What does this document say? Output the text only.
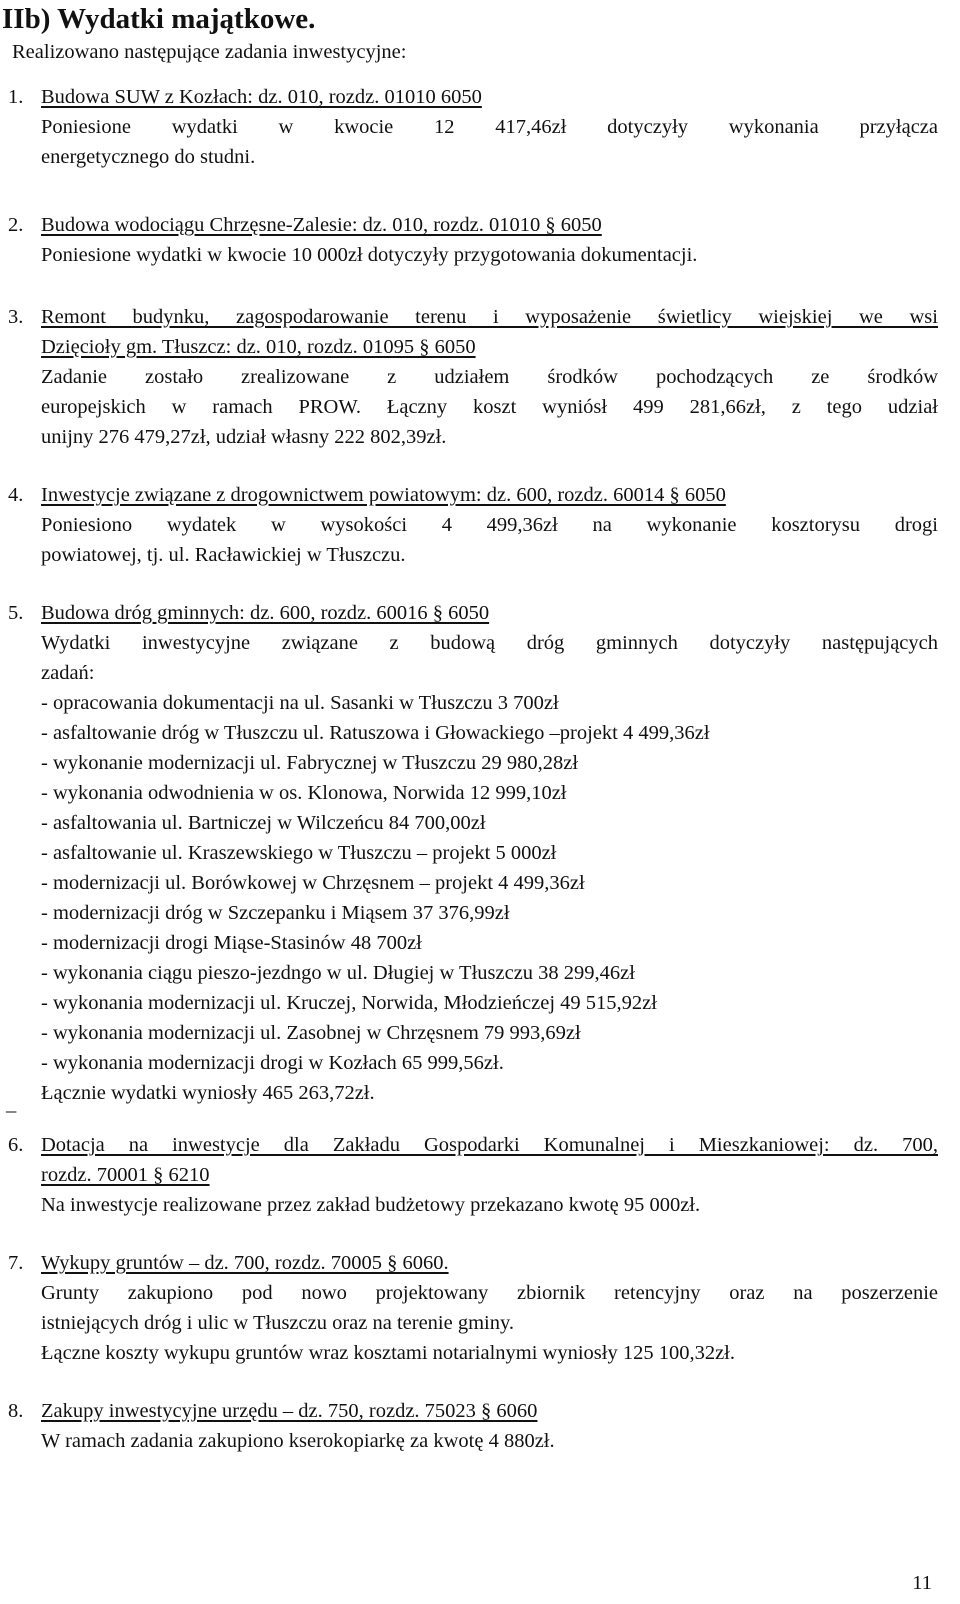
IIb) Wydatki majątkowe.
Realizowano następujące zadania inwestycyjne:
1. Budowa SUW z Kozłach: dz. 010, rozdz. 01010 6050

Poniesione wydatki w kwocie 12 417,46zł dotyczyły wykonania przyłącza

energetycznego do studni.

2. Budowa wodociągu Chrzęsne-Zalesie: dz. 010, rozdz. 01010 § 6050

Poniesione wydatki w kwocie 10 000zł dotyczyły przygotowania dokumentacji.

3. Remont budynku, zagospodarowanie terenu i wyposażenie świetlicy wiejskiej we wsi

Dzięcioły gm. Tłuszcz: dz. 010, rozdz. 01095 § 6050

Zadanie zostało zrealizowane z udziałem środków pochodzących ze środków

europejskich w ramach PROW. Łączny koszt wyniósł 499 281,66zł, z tego udział

unijny 276 479,27zł, udział własny 222 802,39zł.

4. Inwestycje związane z drogownictwem powiatowym: dz. 600, rozdz. 60014 § 6050

Poniesiono wydatek w wysokości 4 499,36zł na wykonanie kosztorysu drogi

powiatowej, tj. ul. Racławickiej w Tłuszczu.

5. Budowa dróg gminnych: dz. 600, rozdz. 60016 § 6050

Wydatki inwestycyjne związane z budową dróg gminnych dotyczyły następujących

zadań:

- opracowania dokumentacji na ul. Sasanki w Tłuszczu 3 700zł

- asfaltowanie dróg w Tłuszczu ul. Ratuszowa i Głowackiego –projekt 4 499,36zł

- wykonanie modernizacji ul. Fabrycznej w Tłuszczu 29 980,28zł

- wykonania odwodnienia w os. Klonowa, Norwida 12 999,10zł

- asfaltowania ul. Bartniczej w Wilczeńcu 84 700,00zł

- asfaltowanie ul. Kraszewskiego w Tłuszczu – projekt 5 000zł

- modernizacji ul. Borówkowej w Chrzęsnem – projekt 4 499,36zł

- modernizacji dróg w Szczepanku i Miąsem 37 376,99zł

- modernizacji drogi Miąse-Stasinów 48 700zł

- wykonania ciągu pieszo-jezdngo w ul. Długiej w Tłuszczu 38 299,46zł

- wykonania modernizacji ul. Kruczej, Norwida, Młodzieńczej 49 515,92zł

- wykonania modernizacji ul. Zasobnej w Chrzęsnem 79 993,69zł

- wykonania modernizacji drogi w Kozłach 65 999,56zł.

Łącznie wydatki wyniosły 465 263,72zł.

_
6. Dotacja na inwestycje dla Zakładu Gospodarki Komunalnej i Mieszkaniowej: dz. 700,

rozdz. 70001 § 6210

Na inwestycje realizowane przez zakład budżetowy przekazano kwotę 95 000zł.

7. Wykupy gruntów – dz. 700, rozdz. 70005 § 6060.

Grunty zakupiono pod nowo projektowany zbiornik retencyjny oraz na poszerzenie

istniejących dróg i ulic w Tłuszczu oraz na terenie gminy.

Łączne koszty wykupu gruntów wraz kosztami notarialnymi wyniosły 125 100,32zł.

8. Zakupy inwestycyjne urzędu – dz. 750, rozdz. 75023 § 6060

W ramach zadania zakupiono kserokopiarkę za kwotę 4 880zł.

11
